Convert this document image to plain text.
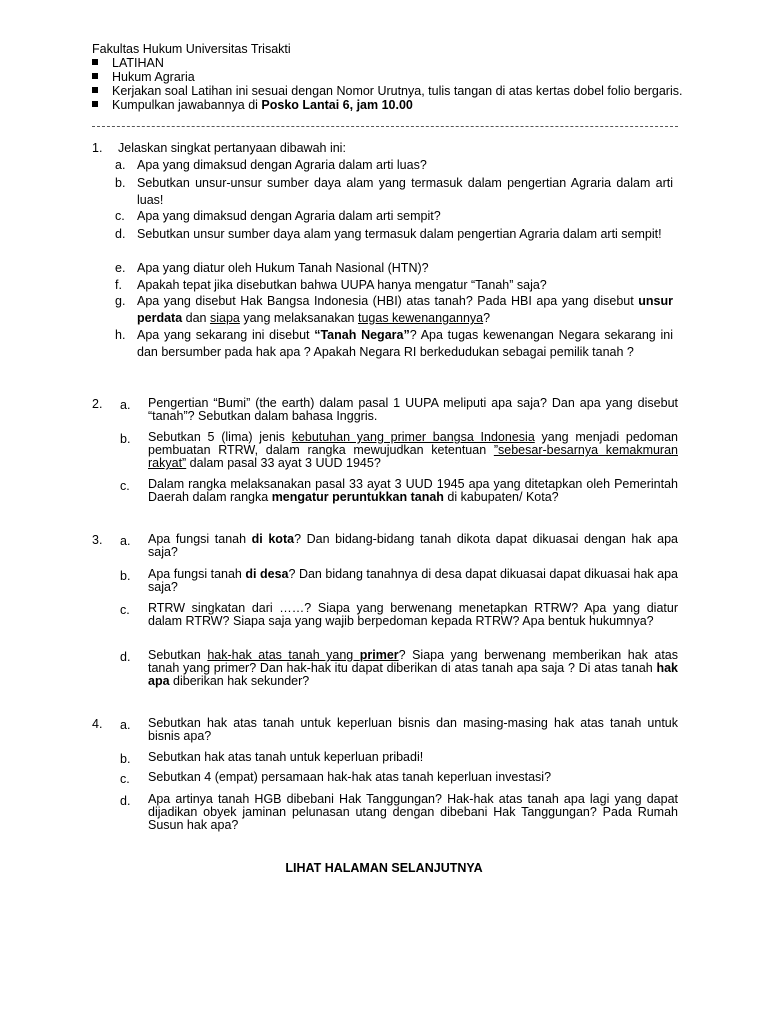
Fakultas Hukum Universitas Trisakti
LATIHAN
Hukum Agraria
Kerjakan soal Latihan ini sesuai dengan Nomor Urutnya, tulis tangan di atas kertas dobel folio bergaris.
Kumpulkan jawabannya di Posko Lantai 6, jam 10.00
1. Jelaskan singkat pertanyaan dibawah ini:
a. Apa yang dimaksud dengan Agraria dalam arti luas?
b. Sebutkan unsur-unsur sumber daya alam yang termasuk dalam pengertian Agraria dalam arti luas!
c. Apa yang dimaksud dengan Agraria dalam arti sempit?
d. Sebutkan unsur sumber daya alam yang termasuk dalam pengertian Agraria dalam arti sempit!
e. Apa yang diatur oleh Hukum Tanah Nasional (HTN)?
f. Apakah tepat jika disebutkan bahwa UUPA hanya mengatur “Tanah” saja?
g. Apa yang disebut Hak Bangsa Indonesia (HBI) atas tanah? Pada HBI apa yang disebut unsur perdata dan siapa yang melaksanakan tugas kewenangannya?
h. Apa yang sekarang ini disebut “Tanah Negara”? Apa tugas kewenangan Negara sekarang ini dan bersumber pada hak apa ? Apakah Negara RI berkedudukan sebagai pemilik tanah ?
2. a. Pengertian “Bumi” (the earth) dalam pasal 1 UUPA meliputi apa saja? Dan apa yang disebut “tanah”? Sebutkan dalam bahasa Inggris.
b. Sebutkan 5 (lima) jenis kebutuhan yang primer bangsa Indonesia yang menjadi pedoman pembuatan RTRW, dalam rangka mewujudkan ketentuan ”sebesar-besarnya kemakmuran rakyat” dalam pasal 33 ayat 3 UUD 1945?
c. Dalam rangka melaksanakan pasal 33 ayat 3 UUD 1945 apa yang ditetapkan oleh Pemerintah Daerah dalam rangka mengatur peruntukkan tanah di kabupaten/ Kota?
3. a. Apa fungsi tanah di kota? Dan bidang-bidang tanah dikota dapat dikuasai dengan hak apa saja?
b. Apa fungsi tanah di desa? Dan bidang tanahnya di desa dapat dikuasai dapat dikuasai hak apa saja?
c. RTRW singkatan dari ……? Siapa yang berwenang menetapkan RTRW? Apa yang diatur dalam RTRW? Siapa saja yang wajib berpedoman kepada RTRW? Apa bentuk hukumnya?
d. Sebutkan hak-hak atas tanah yang primer? Siapa yang berwenang memberikan hak atas tanah yang primer? Dan hak-hak itu dapat diberikan di atas tanah apa saja ? Di atas tanah hak apa diberikan hak sekunder?
4. a. Sebutkan hak atas tanah untuk keperluan bisnis dan masing-masing hak atas tanah untuk bisnis apa?
b. Sebutkan hak atas tanah untuk keperluan pribadi!
c. Sebutkan 4 (empat) persamaan hak-hak atas tanah keperluan investasi?
d. Apa artinya tanah HGB dibebani Hak Tanggungan? Hak-hak atas tanah apa lagi yang dapat dijadikan obyek jaminan pelunasan utang dengan dibebani Hak Tanggungan? Pada Rumah Susun hak apa?
LIHAT HALAMAN SELANJUTNYA
